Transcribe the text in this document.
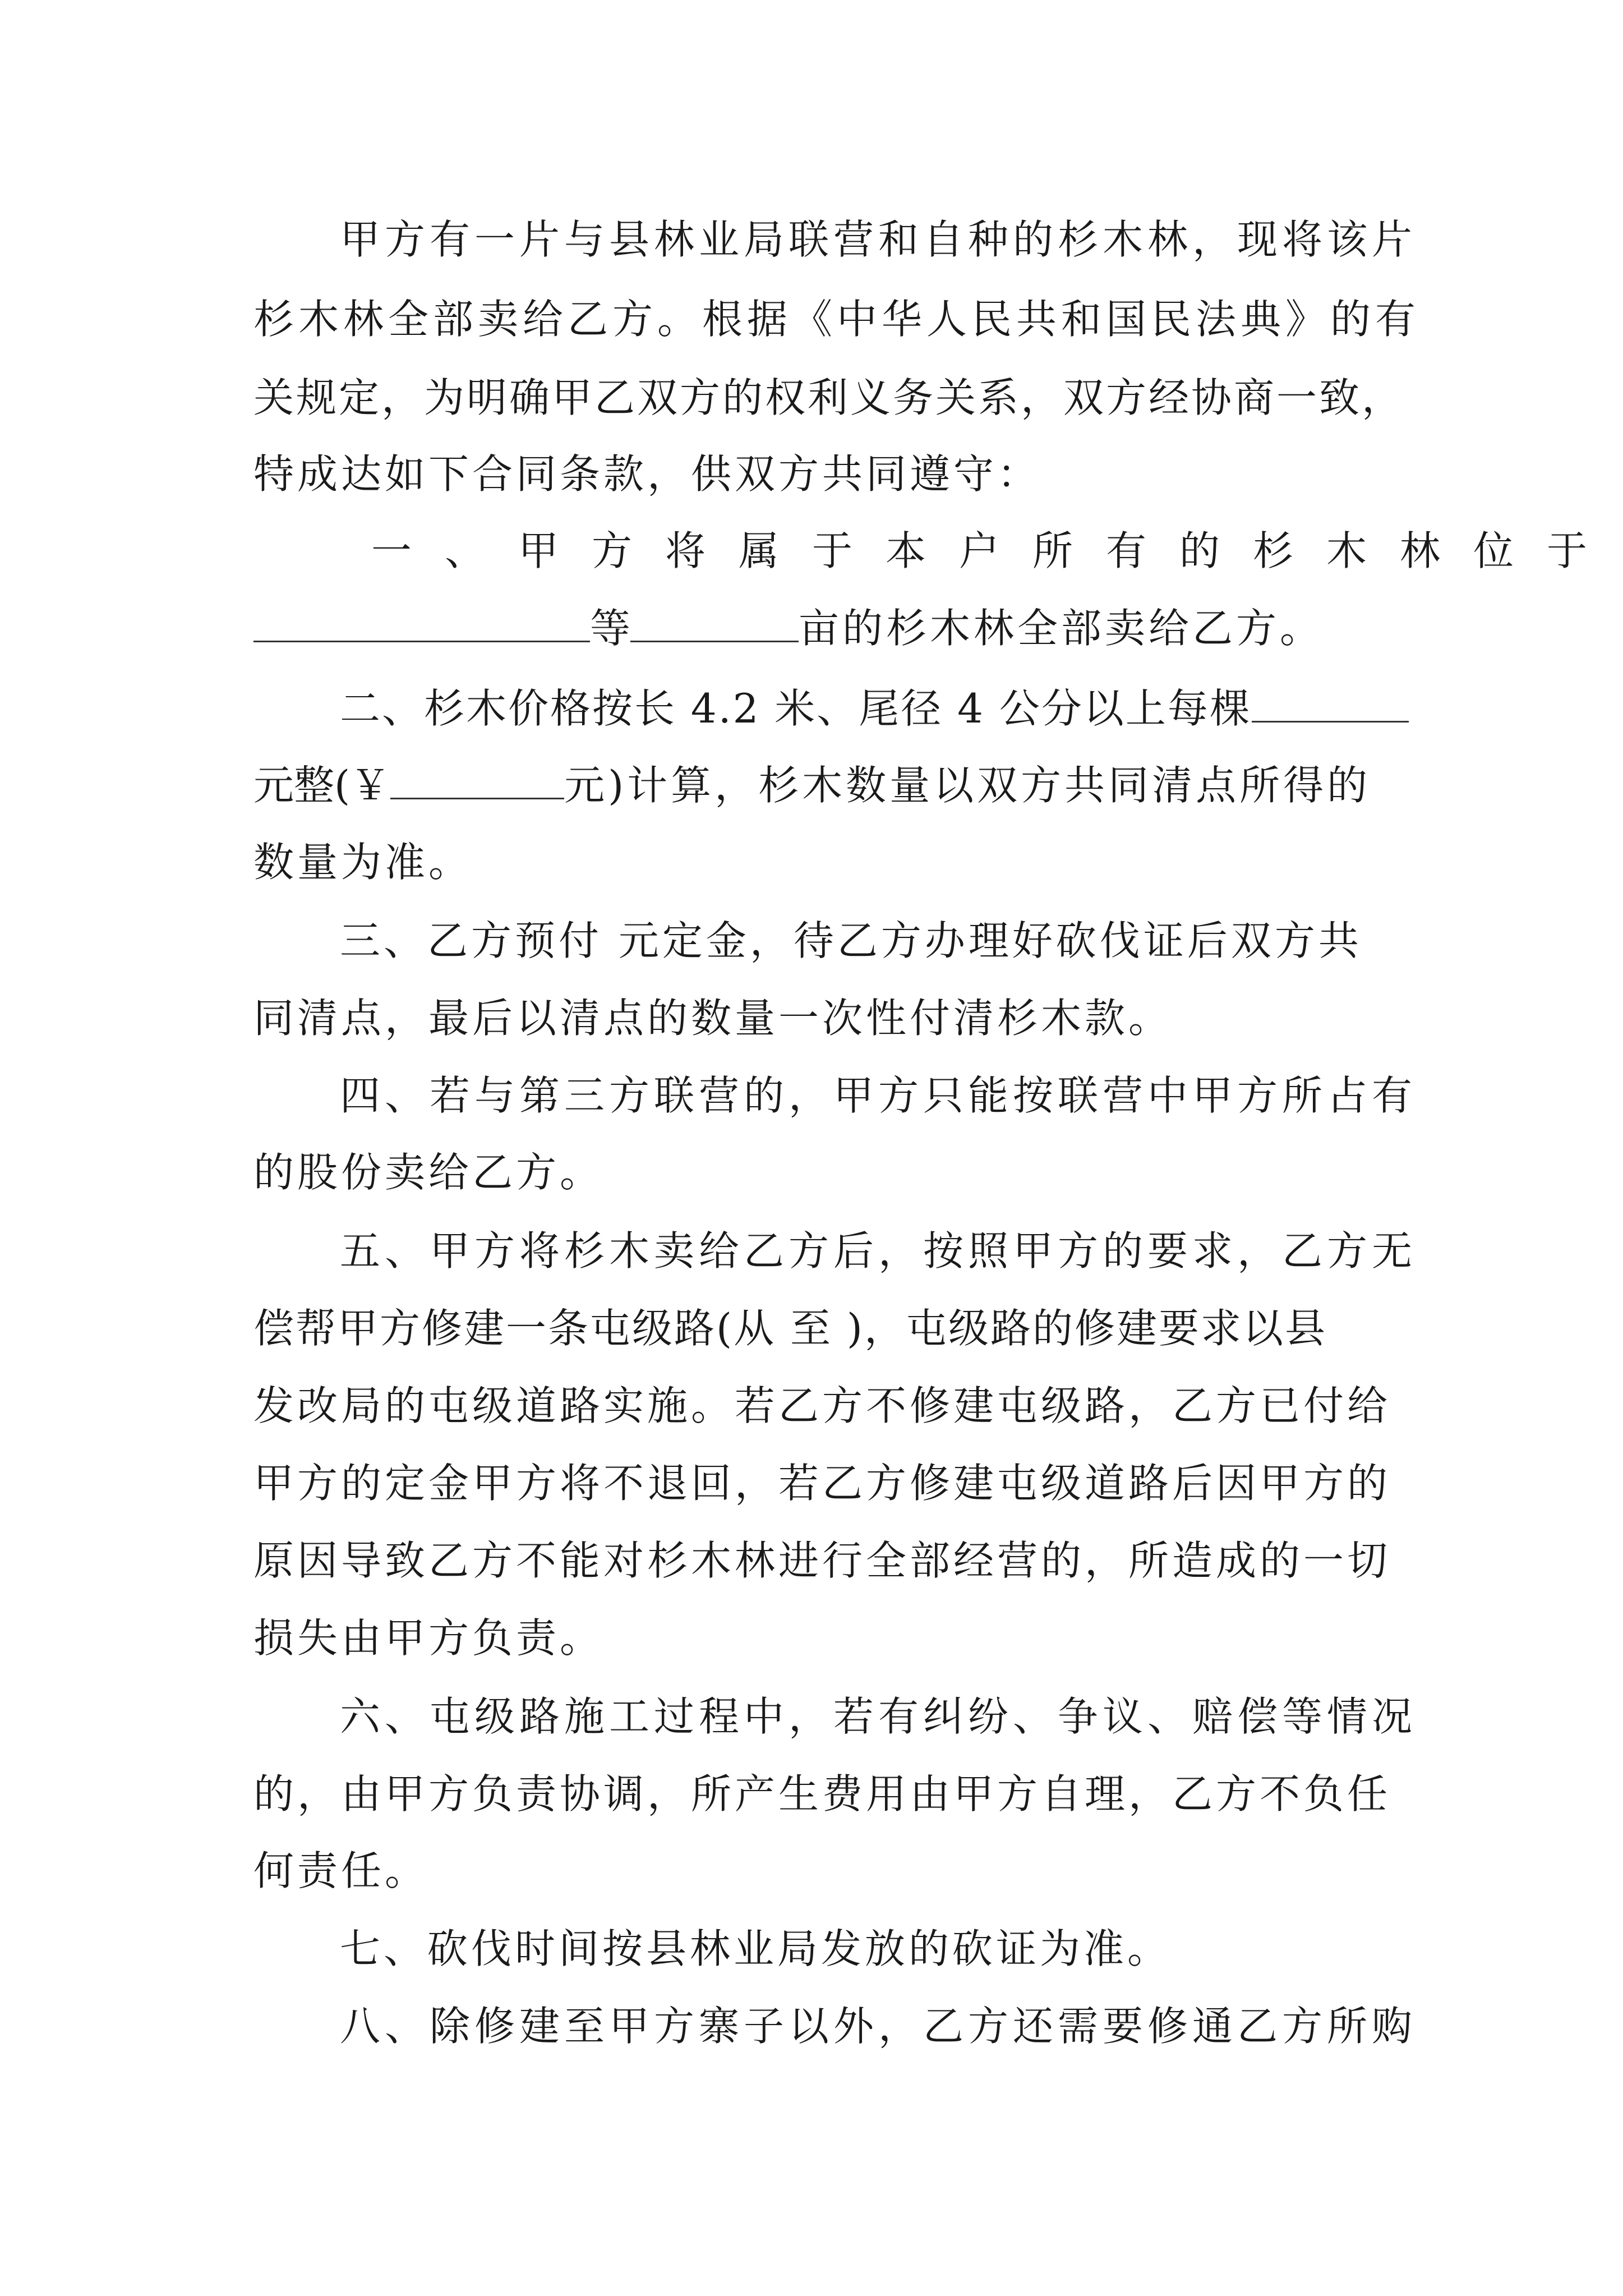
甲方有一片与县林业局联营和自种的杉木林，现将该片
杉木林全部卖给乙方。根据《中华人民共和国民法典》的有
关规定，为明确甲乙双方的权利义务关系，双方经协商一致，
特成达如下合同条款，供双方共同遵守：
一、甲方将属于本户所有的杉木林位于
等	亩的杉木林全部卖给乙方。
二、杉木价格按长 4.2 米、尾径 4 公分以上每棵
元整(￥	元)计算，杉木数量以双方共同清点所得的
数量为准。
三、乙方预付 元定金，待乙方办理好砍伐证后双方共
同清点，最后以清点的数量一次性付清杉木款。
四、若与第三方联营的，甲方只能按联营中甲方所占有
的股份卖给乙方。
五、甲方将杉木卖给乙方后，按照甲方的要求，乙方无
偿帮甲方修建一条屯级路(从 至 )，屯级路的修建要求以县
发改局的屯级道路实施。若乙方不修建屯级路，乙方已付给
甲方的定金甲方将不退回，若乙方修建屯级道路后因甲方的
原因导致乙方不能对杉木林进行全部经营的，所造成的一切
损失由甲方负责。
六、屯级路施工过程中，若有纠纷、争议、赔偿等情况
的，由甲方负责协调，所产生费用由甲方自理，乙方不负任
何责任。
七、砍伐时间按县林业局发放的砍证为准。
八、除修建至甲方寨子以外，乙方还需要修通乙方所购
